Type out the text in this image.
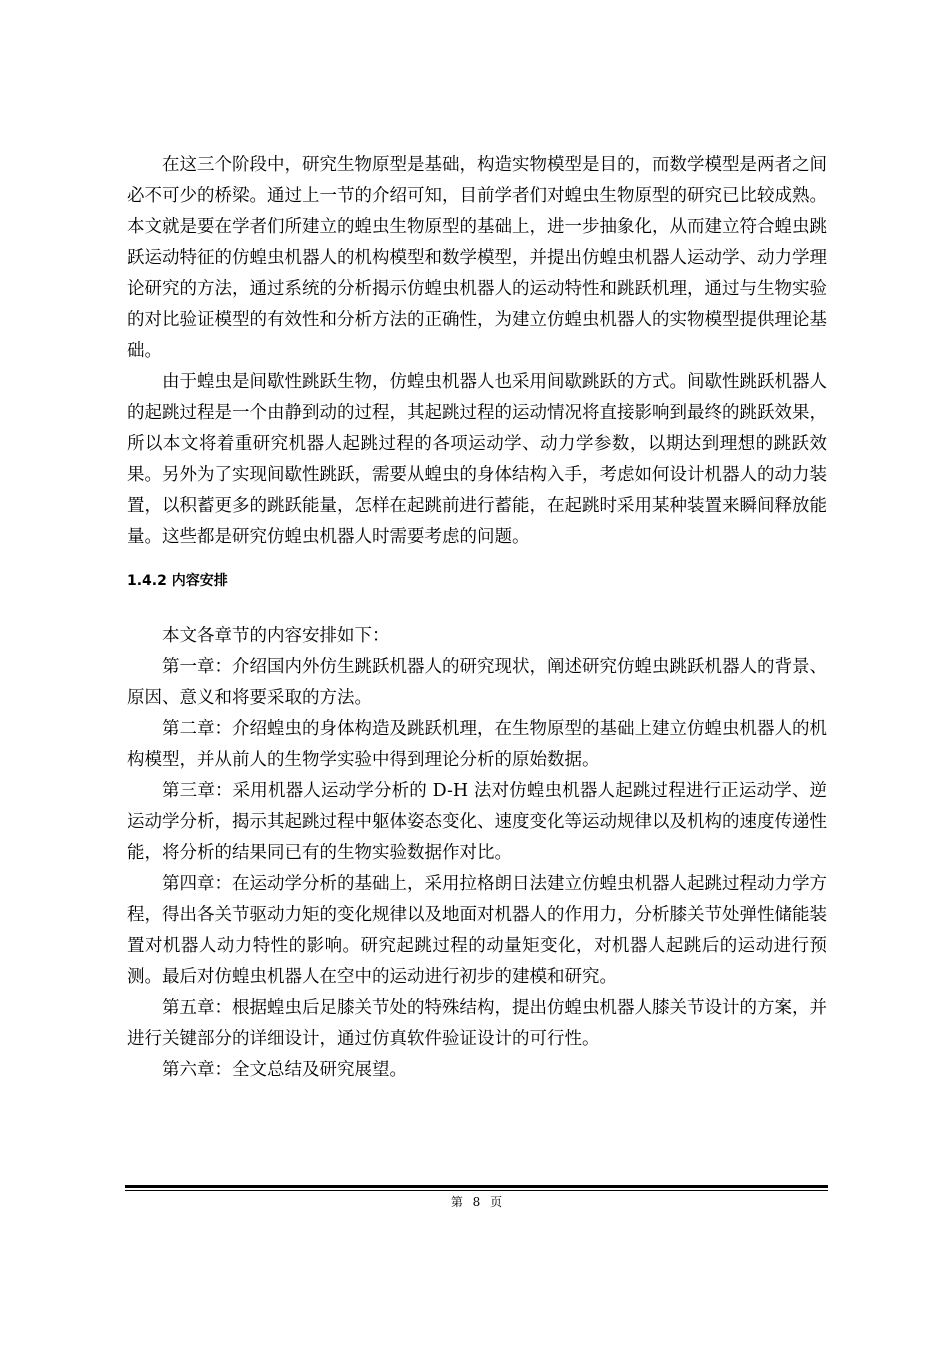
在这三个阶段中，研究生物原型是基础，构造实物模型是目的，而数学模型是两者之间必不可少的桥梁。通过上一节的介绍可知，目前学者们对蝗虫生物原型的研究已比较成熟。本文就是要在学者们所建立的蝗虫生物原型的基础上，进一步抽象化，从而建立符合蝗虫跳跃运动特征的仿蝗虫机器人的机构模型和数学模型，并提出仿蝗虫机器人运动学、动力学理论研究的方法，通过系统的分析揭示仿蝗虫机器人的运动特性和跳跃机理，通过与生物实验的对比验证模型的有效性和分析方法的正确性，为建立仿蝗虫机器人的实物模型提供理论基础。

由于蝗虫是间歇性跳跃生物，仿蝗虫机器人也采用间歇跳跃的方式。间歇性跳跃机器人的起跳过程是一个由静到动的过程，其起跳过程的运动情况将直接影响到最终的跳跃效果，所以本文将着重研究机器人起跳过程的各项运动学、动力学参数，以期达到理想的跳跃效果。另外为了实现间歇性跳跃，需要从蝗虫的身体结构入手，考虑如何设计机器人的动力装置，以积蓄更多的跳跃能量，怎样在起跳前进行蓄能，在起跳时采用某种装置来瞬间释放能量。这些都是研究仿蝗虫机器人时需要考虑的问题。

1.4.2 内容安排

本文各章节的内容安排如下：

第一章：介绍国内外仿生跳跃机器人的研究现状，阐述研究仿蝗虫跳跃机器人的背景、原因、意义和将要采取的方法。

第二章：介绍蝗虫的身体构造及跳跃机理，在生物原型的基础上建立仿蝗虫机器人的机构模型，并从前人的生物学实验中得到理论分析的原始数据。

第三章：采用机器人运动学分析的 D-H 法对仿蝗虫机器人起跳过程进行正运动学、逆运动学分析，揭示其起跳过程中躯体姿态变化、速度变化等运动规律以及机构的速度传递性能，将分析的结果同已有的生物实验数据作对比。

第四章：在运动学分析的基础上，采用拉格朗日法建立仿蝗虫机器人起跳过程动力学方程，得出各关节驱动力矩的变化规律以及地面对机器人的作用力，分析膝关节处弹性储能装置对机器人动力特性的影响。研究起跳过程的动量矩变化，对机器人起跳后的运动进行预测。最后对仿蝗虫机器人在空中的运动进行初步的建模和研究。

第五章：根据蝗虫后足膝关节处的特殊结构，提出仿蝗虫机器人膝关节设计的方案，并进行关键部分的详细设计，通过仿真软件验证设计的可行性。

第六章：全文总结及研究展望。

第 8 页
